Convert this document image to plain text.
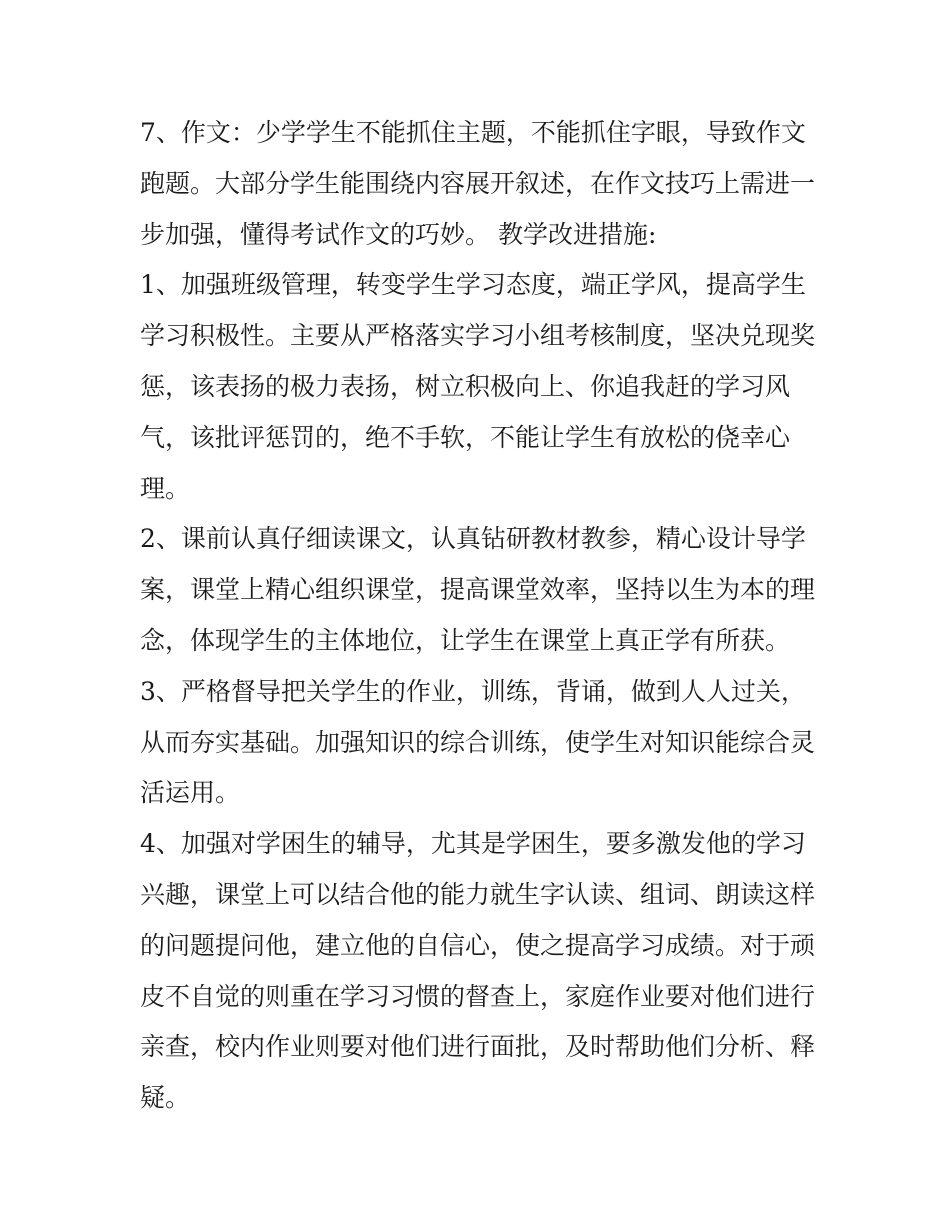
7、作文：少学学生不能抓住主题，不能抓住字眼，导致作文
跑题。大部分学生能围绕内容展开叙述，在作文技巧上需进一
步加强，懂得考试作文的巧妙。 教学改进措施:
1、加强班级管理，转变学生学习态度，端正学风，提高学生
学习积极性。主要从严格落实学习小组考核制度，坚决兑现奖
惩，该表扬的极力表扬，树立积极向上、你追我赶的学习风
气，该批评惩罚的，绝不手软，不能让学生有放松的侥幸心
理。
2、课前认真仔细读课文，认真钻研教材教参，精心设计导学
案，课堂上精心组织课堂，提高课堂效率，坚持以生为本的理
念，体现学生的主体地位，让学生在课堂上真正学有所获。
3、严格督导把关学生的作业，训练，背诵，做到人人过关，
从而夯实基础。加强知识的综合训练，使学生对知识能综合灵
活运用。
4、加强对学困生的辅导，尤其是学困生，要多激发他的学习
兴趣，课堂上可以结合他的能力就生字认读、组词、朗读这样
的问题提问他，建立他的自信心，使之提高学习成绩。对于顽
皮不自觉的则重在学习习惯的督查上，家庭作业要对他们进行
亲查，校内作业则要对他们进行面批，及时帮助他们分析、释
疑。
